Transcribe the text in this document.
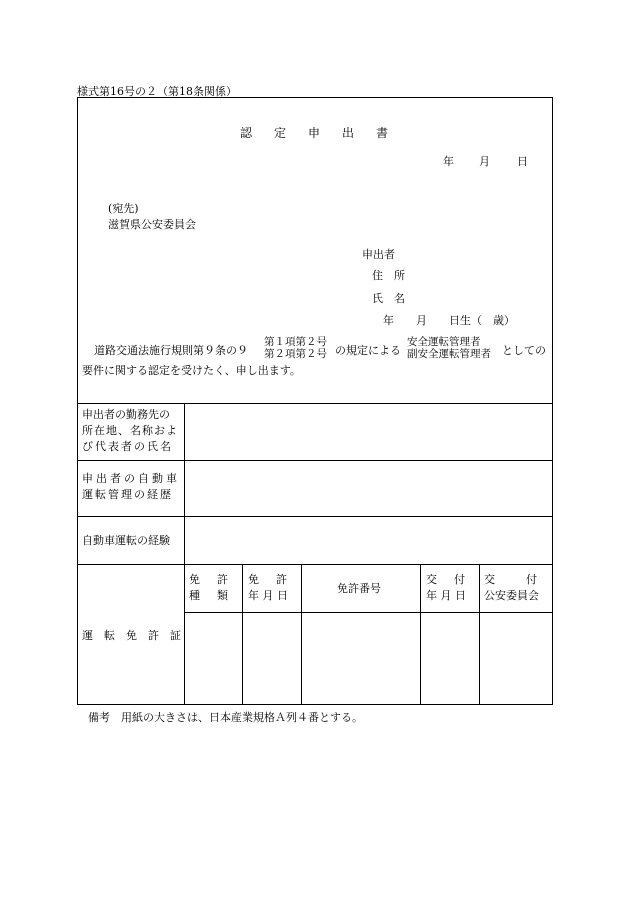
様式第16号の２（第18条関係）
認定申出書
年 月 日
(宛先)
滋賀県公安委員会
申出者
住　所
氏　名
年　　月　　日生（　歳）
道路交通法施行規則第９条の９
第１項第２号
第２項第２号 の規定による
安全運転管理者
副安全運転管理者 としての
要件に関する認定を受けたく、申し出ます。
申出者の勤務先の
所在地、名称およ
び代表者の氏名
申出者の自動車
運転管理の経歴
自動車運転の経験
運　転　免　許　証
免　許
種　類
免　許
年 月 日
免許番号
交　付
年 月 日
交　付
公安委員会
備考　用紙の大きさは、日本産業規格Ａ列４番とする。
